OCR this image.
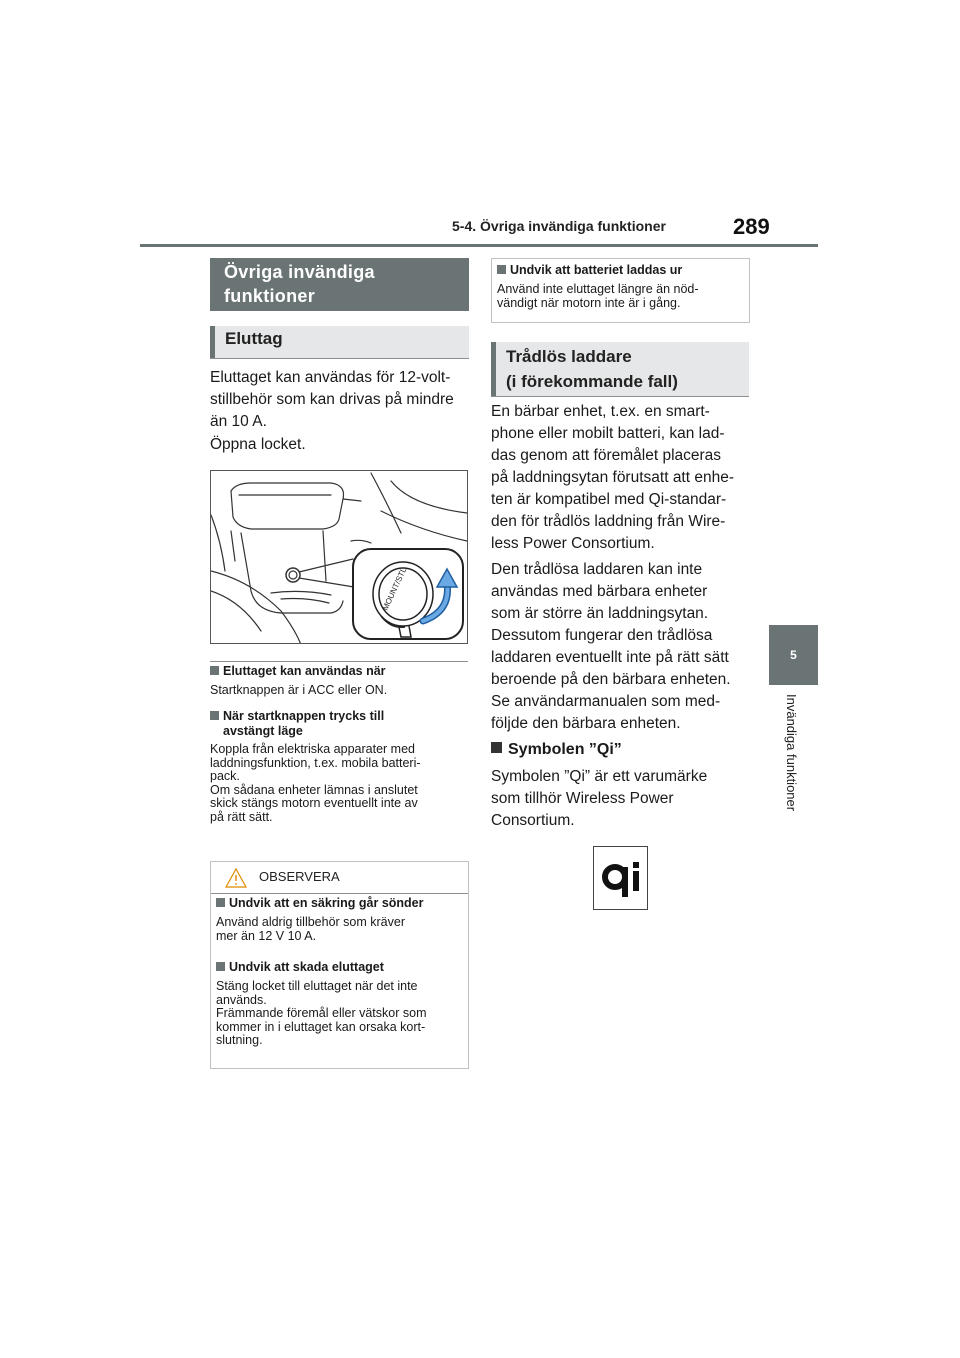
5-4. Övriga invändiga funktioner	289
5
Invändiga funktioner
Övriga invändiga
funktioner
Eluttag
Eluttaget kan användas för 12-volt-
stillbehör som kan drivas på mindre
än 10 A.
Öppna locket.
MOUNT/STL
Eluttaget kan användas när
Startknappen är i ACC eller ON.
När startknappen trycks till
avstängt läge
Koppla från elektriska apparater med
laddningsfunktion, t.ex. mobila batteri-
pack.
Om sådana enheter lämnas i anslutet
skick stängs motorn eventuellt inte av
på rätt sätt.
OBSERVERA
Undvik att en säkring går sönder
Använd aldrig tillbehör som kräver
mer än 12 V 10 A.
Undvik att skada eluttaget
Stäng locket till eluttaget när det inte
används.
Främmande föremål eller vätskor som
kommer in i eluttaget kan orsaka kort-
slutning.
Undvik att batteriet laddas ur
Använd inte eluttaget längre än nöd-
vändigt när motorn inte är i gång.
Trådlös laddare
(i förekommande fall)
En bärbar enhet, t.ex. en smart-
phone eller mobilt batteri, kan lad-
das genom att föremålet placeras
på laddningsytan förutsatt att enhe-
ten är kompatibel med Qi-standar-
den för trådlös laddning från Wire-
less Power Consortium.
Den trådlösa laddaren kan inte
användas med bärbara enheter
som är större än laddningsytan.
Dessutom fungerar den trådlösa
laddaren eventuellt inte på rätt sätt
beroende på den bärbara enheten.
Se användarmanualen som med-
följde den bärbara enheten.
Symbolen ”Qi”
Symbolen ”Qi” är ett varumärke
som tillhör Wireless Power
Consortium.
